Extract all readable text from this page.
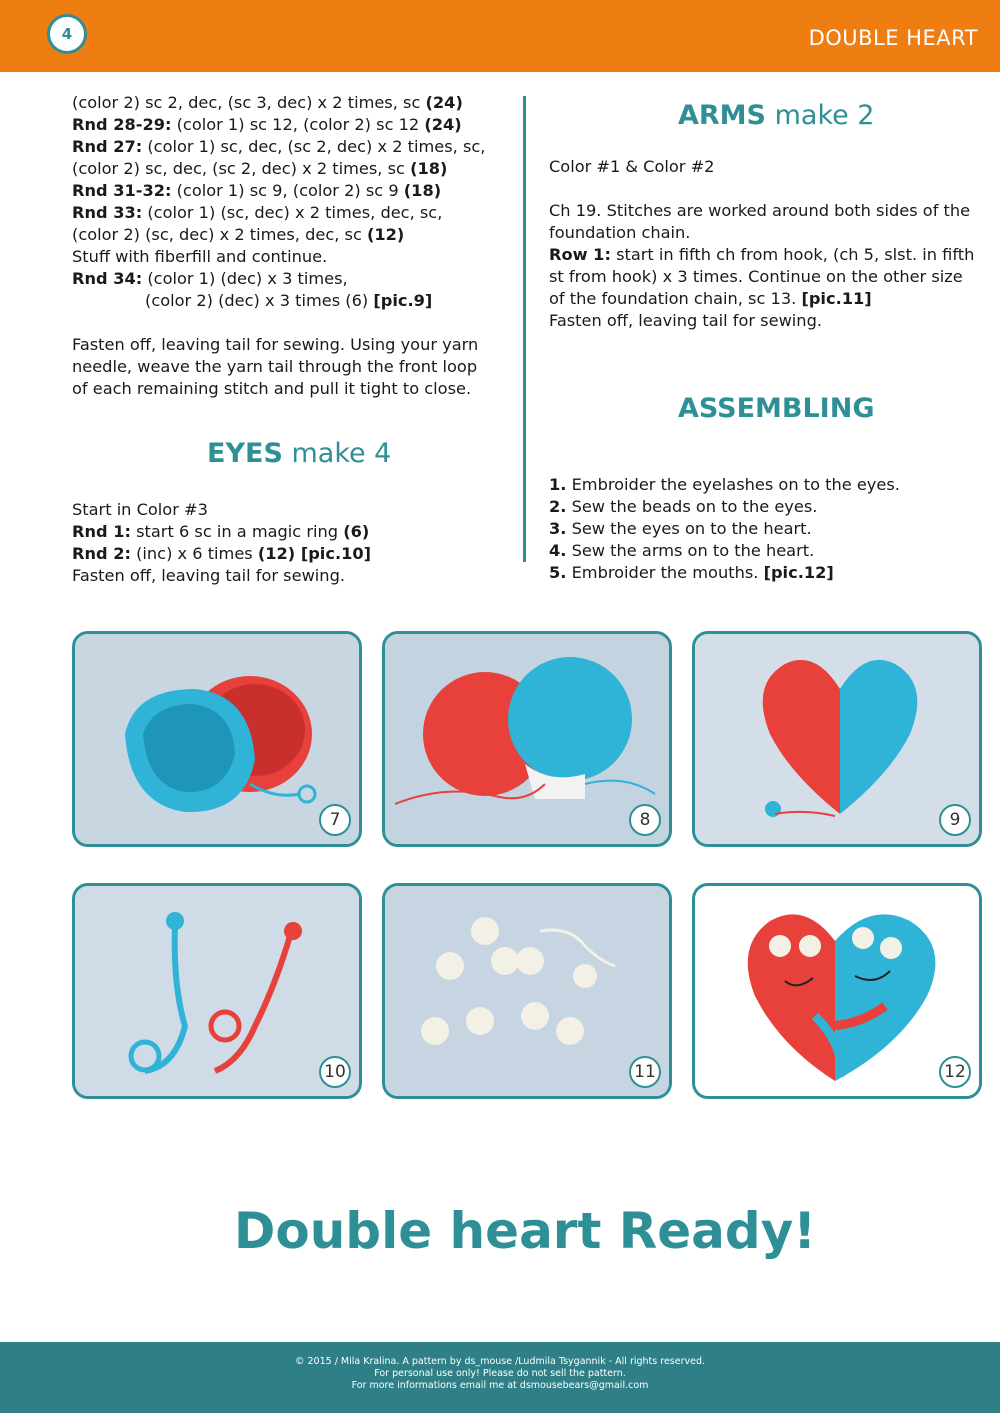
4	DOUBLE HEART

(color 2) sc 2, dec, (sc 3, dec) x 2 times, sc (24)

Rnd 28-29: (color 1) sc 12, (color 2) sc 12 (24)

Rnd 27: (color 1) sc, dec, (sc 2, dec) x 2 times, sc,

(color 2) sc, dec, (sc 2, dec) x 2 times, sc (18)

Rnd 31-32: (color 1) sc 9, (color 2) sc 9 (18)

Rnd 33: (color 1) (sc, dec) x 2 times, dec, sc,

(color 2) (sc, dec) x 2 times, dec, sc (12)

Stuff with fiberfill and continue.

Rnd 34: (color 1) (dec) x 3 times,

(color 2) (dec) x 3 times (6) [pic.9]

Fasten off, leaving tail for sewing. Using your yarn

needle, weave the yarn tail through the front loop

of each remaining stitch and pull it tight to close.

EYES make 4

Start in Color #3

Rnd 1: start 6 sc in a magic ring (6)

Rnd 2: (inc) x 6 times (12) [pic.10]

Fasten off, leaving tail for sewing.

ARMS make 2

Color #1 & Color #2

Ch 19. Stitches are worked around both sides of the

foundation chain.

Row 1: start in fifth ch from hook, (ch 5, slst. in fifth

st from hook) x 3 times. Continue on the other size

of the foundation chain, sc 13. [pic.11]

Fasten off, leaving tail for sewing.

ASSEMBLING

1. Embroider the eyelashes on to the eyes.

2. Sew the beads on to the eyes.

3. Sew the eyes on to the heart.

4. Sew the arms on to the heart.

5. Embroider the mouths. [pic.12]

7	8	9
10	11	12
Double heart Ready!

© 2015 / Mila Kralina. A pattern by ds_mouse /Ludmila Tsygannik - All rights reserved.

For personal use only! Please do not sell the pattern.

For more informations email me at dsmousebears@gmail.com
